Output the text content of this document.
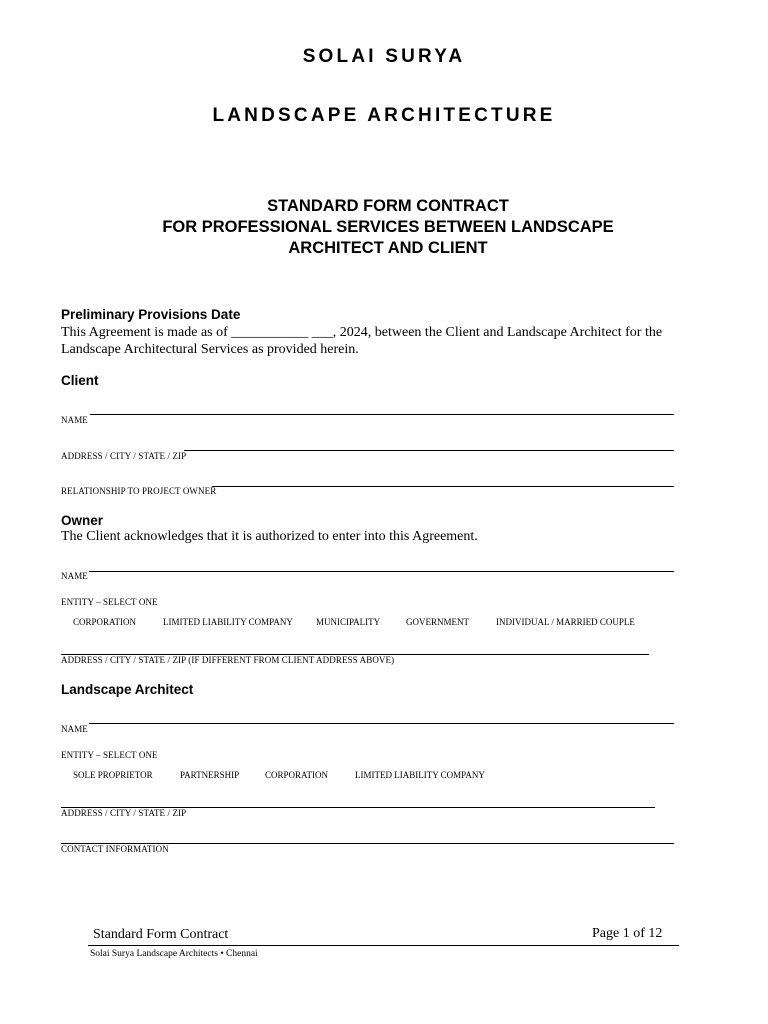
SOLAI SURYA

LANDSCAPE ARCHITECTURE

STANDARD FORM CONTRACT

FOR PROFESSIONAL SERVICES BETWEEN LANDSCAPE

ARCHITECT AND CLIENT

Preliminary Provisions Date

This Agreement is made as of ___________ ___, 2024, between the Client and Landscape Architect for the

Landscape Architectural Services as provided herein.

Client

NAME

ADDRESS / CITY / STATE / ZIP

RELATIONSHIP TO PROJECT OWNER

Owner

The Client acknowledges that it is authorized to enter into this Agreement.

NAME

ENTITY – SELECT ONE

CORPORATION	LIMITED LIABILITY COMPANY	MUNICIPALITY	GOVERNMENT	INDIVIDUAL / MARRIED COUPLE

ADDRESS / CITY / STATE / ZIP (IF DIFFERENT FROM CLIENT ADDRESS ABOVE)

Landscape Architect

NAME

ENTITY – SELECT ONE

SOLE PROPRIETOR	PARTNERSHIP	CORPORATION	LIMITED LIABILITY COMPANY

ADDRESS / CITY / STATE / ZIP

CONTACT INFORMATION

Standard Form Contract	Page 1 of 12

Solai Surya Landscape Architects • Chennai
